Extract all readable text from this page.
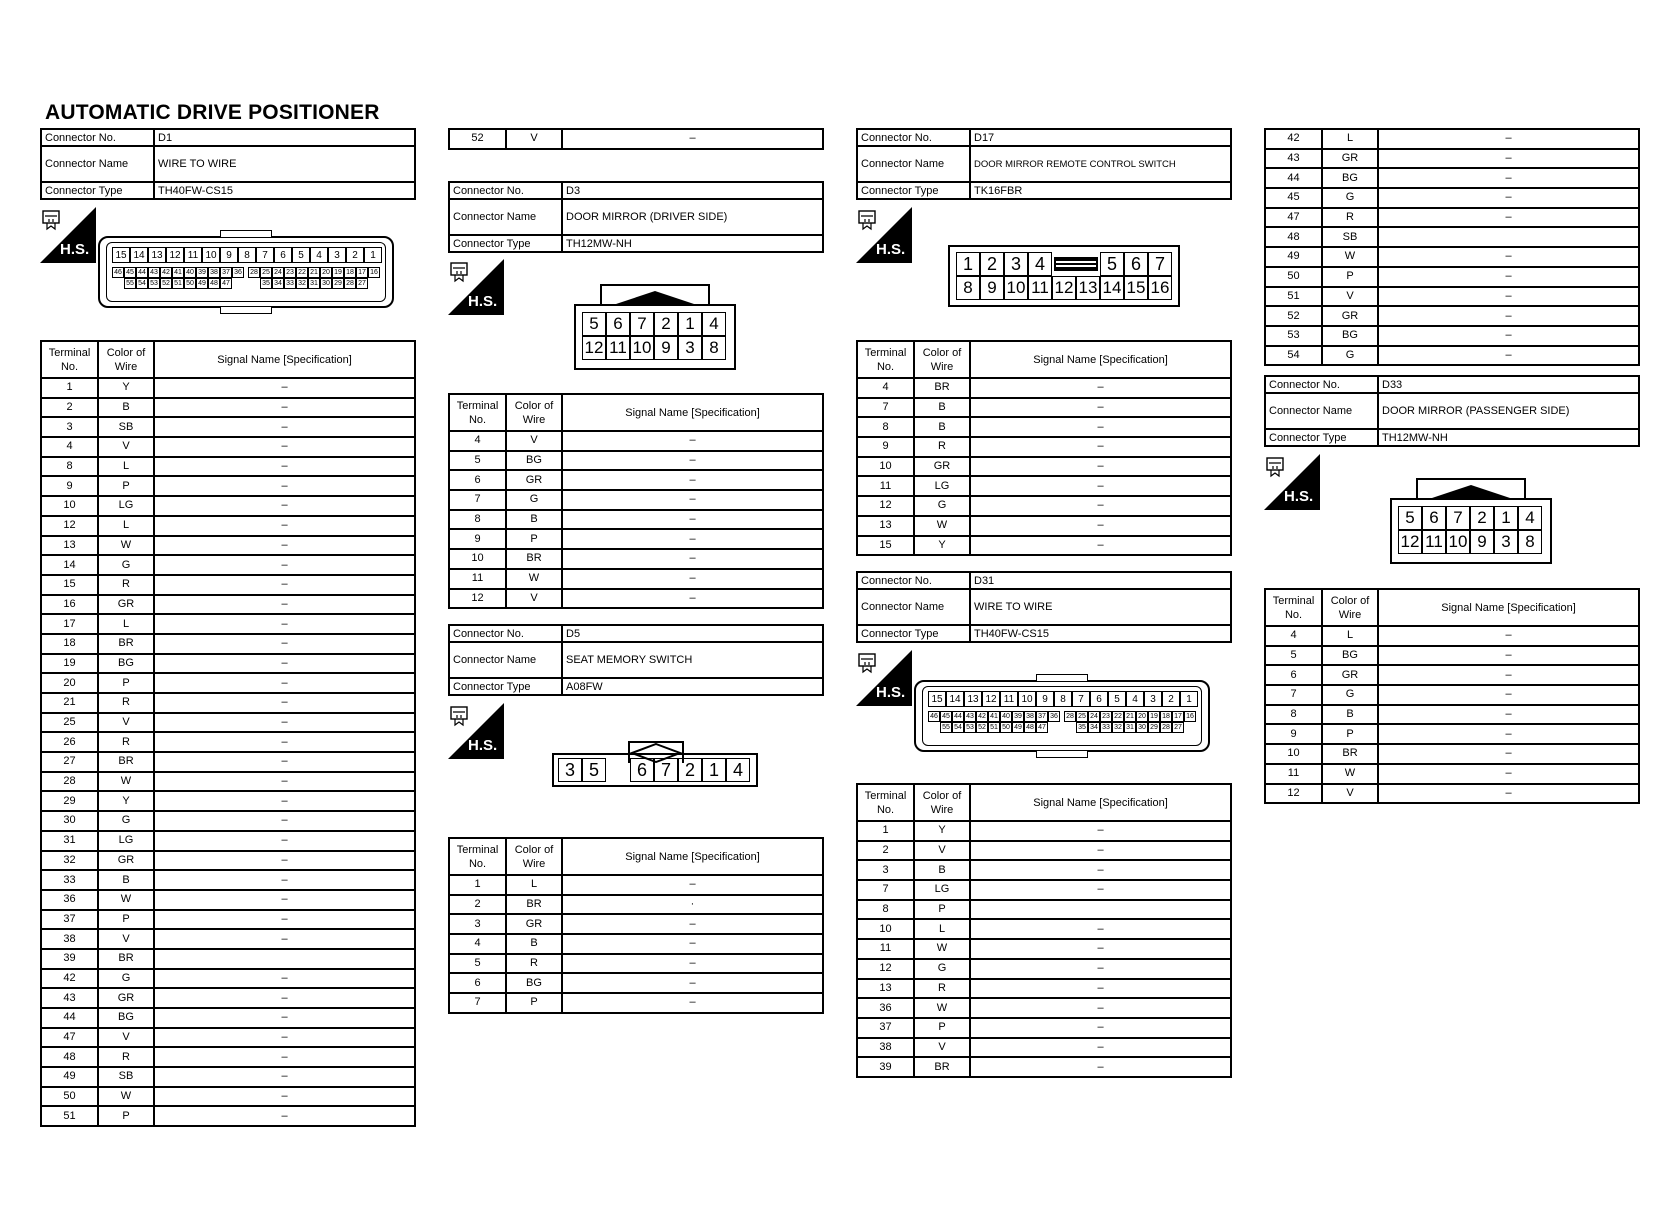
AUTOMATIC DRIVE POSITIONER
Connector No.	D1
Connector Name	WIRE TO WIRE
Connector Type	TH40FW-CS15
H.S.	15 14 13 12 11 10 9	8	7	6	5	4	3	2	1
46 45 44 43 42 41 40 39 38 37 36	28 25 24 23 22 21 20 19 18 17 16
55 54 53 52 51 50 49 48 47	35 34 33 32 31 30 29 28 27
Terminal No.	Color of Wire	Signal Name [Specification]
1	Y	–
2	B	–
3	SB	–
4	V	–
8	L	–
9	P	–
10	LG	–
12	L	–
13	W	–
14	G	–
15	R	–
16	GR	–
17	L	–
18	BR	–
19	BG	–
20	P	–
21	R	–
25	V	–
26	R	–
27	BR	–
28	W	–
29	Y	–
30	G	–
31	LG	–
32	GR	–
33	B	–
36	W	–
37	P	–
38	V	–
39	BR	
42	G	–
43	GR	–
44	BG	–
47	V	–
48	R	–
49	SB	–
50	W	–
51	P	–
52	V	–
Connector No.	D3
Connector Name	DOOR MIRROR (DRIVER SIDE)
Connector Type	TH12MW-NH
H.S.
5 6 7 2 1 4
12 11 10 9 3 8
Terminal No.	Color of Wire	Signal Name [Specification]
4	V	–
5	BG	–
6	GR	–
7	G	–
8	B	–
9	P	–
10	BR	–
11	W	–
12	V	–
Connector No.	D5
Connector Name	SEAT MEMORY SWITCH
Connector Type	A08FW
H.S.
3 5	6 7 2 1 4
Terminal No.	Color of Wire	Signal Name [Specification]
1	L	–
2	BR	·
3	GR	–
4	B	–
5	R	–
6	BG	–
7	P	–
Connector No.	D17
Connector Name	DOOR MIRROR REMOTE CONTROL SWITCH
Connector Type	TK16FBR
H.S.
1 2 3 4	5 6 7
8 9 10 11 12 13 14 15 16
Terminal No.	Color of Wire	Signal Name [Specification]
4	BR	–
7	B	–
8	B	–
9	R	–
10	GR	–
11	LG	–
12	G	–
13	W	–
15	Y	–
Connector No.	D31
Connector Name	WIRE TO WIRE
Connector Type	TH40FW-CS15
H.S.	15 14 13 12 11 10 9	8	7	6	5	4	3	2	1
46 45 44 43 42 41 40 39 38 37 36	28 25 24 23 22 21 20 19 18 17 16
55 54 53 52 51 50 49 48 47	35 34 33 32 31 30 29 28 27
Terminal No.	Color of Wire	Signal Name [Specification]
1	Y	–
2	V	–
3	B	–
7	LG	–
8	P	
10	L	–
11	W	–
12	G	–
13	R	–
36	W	–
37	P	–
38	V	–
39	BR	–
42	L	–
43	GR	–
44	BG	–
45	G	–
47	R	–
48	SB	
49	W	–
50	P	–
51	V	–
52	GR	–
53	BG	–
54	G	–
Connector No.	D33
Connector Name	DOOR MIRROR (PASSENGER SIDE)
Connector Type	TH12MW-NH
H.S.
5 6 7 2 1 4
12 11 10 9 3 8
Terminal No.	Color of Wire	Signal Name [Specification]
4	L	–
5	BG	–
6	GR	–
7	G	–
8	B	–
9	P	–
10	BR	–
11	W	–
12	V	–
